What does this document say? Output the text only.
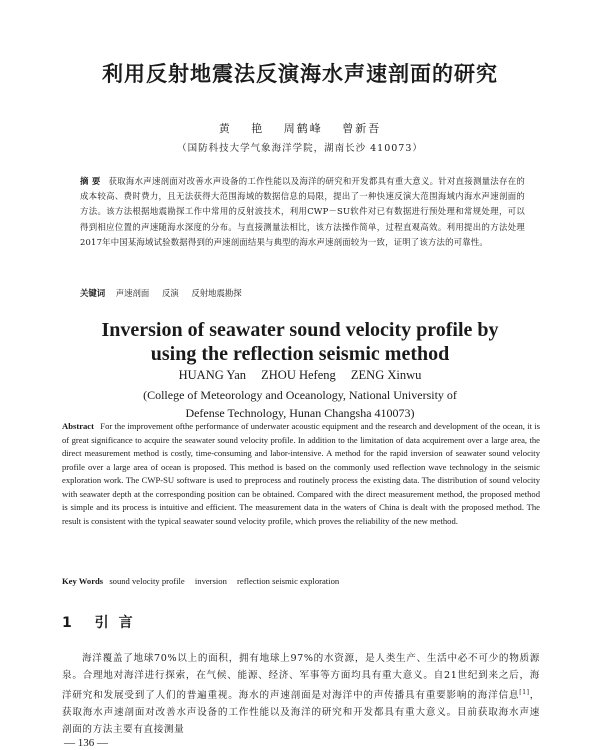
利用反射地震法反演海水声速剖面的研究
黄 艳 周鹤峰 曾新吾
（国防科技大学气象海洋学院，湖南长沙 410073）
摘 要 获取海水声速剖面对改善水声设备的工作性能以及海洋的研究和开发都具有重大意义。针对直接测量法存在的成本较高、费时费力，且无法获得大范围海域的数据信息的局限，提出了一种快速反演大范围海域内海水声速剖面的方法。该方法根据地震勘探工作中常用的反射波技术，利用CWP－SU软件对已有数据进行预处理和常规处理，可以得到相应位置的声速随海水深度的分布。与直接测量法相比，该方法操作简单，过程直观高效。利用提出的方法处理2017年中国某海域试验数据得到的声速剖面结果与典型的海水声速剖面较为一致，证明了该方法的可靠性。
关键词 声速剖面 反演 反射地震勘探
Inversion of seawater sound velocity profile by
using the reflection seismic method
HUANG Yan ZHOU Hefeng ZENG Xinwu
(College of Meteorology and Oceanology, National University of
Defense Technology, Hunan Changsha 410073)
Abstract For the improvement ofthe performance of underwater acoustic equipment and the research and development of the ocean, it is of great significance to acquire the seawater sound velocity profile. In addition to the limitation of data acquirement over a large area, the direct measurement method is costly, time-consuming and labor-intensive. A method for the rapid inversion of seawater sound velocity profile over a large area of ocean is proposed. This method is based on the commonly used reflection wave technology in the seismic exploration work. The CWP-SU software is used to preprocess and routinely process the existing data. The distribution of sound velocity with seawater depth at the corresponding position can be obtained. Compared with the direct measurement method, the proposed method is simple and its process is intuitive and efficient. The measurement data in the waters of China is dealt with the proposed method. The result is consistent with the typical seawater sound velocity profile, which proves the reliability of the new method.
Key Words sound velocity profile inversion reflection seismic exploration
1 引言
海洋覆盖了地球70%以上的面积，拥有地球上97%的水资源，是人类生产、生活中必不可少的物质源泉。合理地对海洋进行探索，在气候、能源、经济、军事等方面均具有重大意义。自21世纪到来之后，海洋研究和发展受到了人们的普遍重视。海水的声速剖面是对海洋中的声传播具有重要影响的海洋信息[1]，获取海水声速剖面对改善水声设备的工作性能以及海洋的研究和开发都具有重大意义。目前获取海水声速剖面的方法主要有直接测量
— 136 —
